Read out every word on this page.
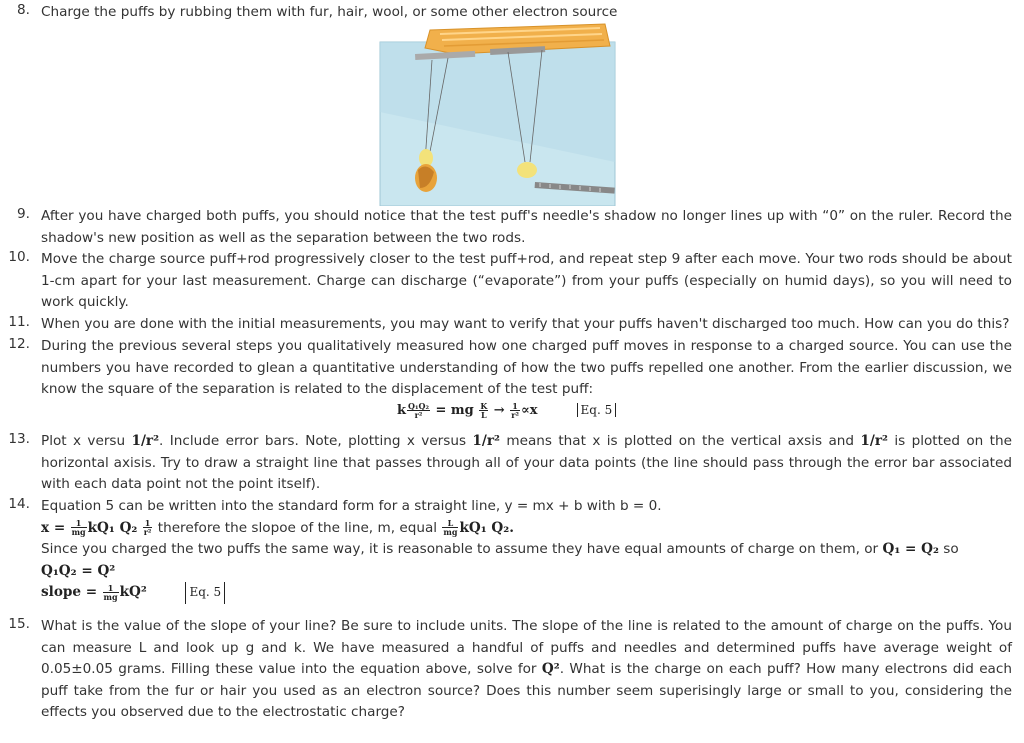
8. Charge the puffs by rubbing them with fur, hair, wool, or some other electron source
9. After you have charged both puffs, you should notice that the test puff's needle's shadow no longer lines up with “0” on the ruler. Record the shadow's new position as well as the separation between the two rods.
10. Move the charge source puff+rod progressively closer to the test puff+rod, and repeat step 9 after each move. Your two rods should be about 1-cm apart for your last measurement. Charge can discharge (“evaporate”) from your puffs (especially on humid days), so you will need to work quickly.
11. When you are done with the initial measurements, you may want to verify that your puffs haven't discharged too much. How can you do this?
12. During the previous several steps you qualitatively measured how one charged puff moves in response to a charged source. You can use the numbers you have recorded to glean a quantitative understanding of how the two puffs repelled one another. From the earlier discussion, we know the square of the separation is related to the displacement of the test puff:
k $\frac{\text{Q₁Q₂}}{\text{r²}}$ = mg $\frac{K}{L} \to \frac{1}{\text{r²}} \propto x$	Eq. 5
13. Plot x versu 1/r². Include error bars. Note, plotting x versus 1/r² means that x is plotted on the vertical axsis and 1/r² is plotted on the horizontal axisis. Try to draw a straight line that passes through all of your data points (the line should pass through the error bar associated with each data point not the point itself).
14. Equation 5 can be written into the standard form for a straight line, y = mx + b with b = 0.
$x = \frac{1}{mg} kQ_1$ $Q_2 \frac{1}{\text{r²}}$ therefore the slopoe of the line, m, equal $\frac{L}{mg} kQ_1$ Q₂.
Since you charged the two puffs the same way, it is reasonable to assume they have equal amounts of charge on them, or Q₁ = Q₂ so
Q₁Q₂ = Q²
slope = $\frac{1}{mg} kQ^2$	Eq. 5
15. What is the value of the slope of your line? Be sure to include units. The slope of the line is related to the amount of charge on the puffs. You can measure L and look up g and k. We have measured a handful of puffs and needles and determined puffs have average weight of 0.05±0.05 grams. Filling these value into the equation above, solve for Q². What is the charge on each puff? How many electrons did each puff take from the fur or hair you used as an electron source? Does this number seem superisingly large or small to you, considering the effects you observed due to the electrostatic charge?
